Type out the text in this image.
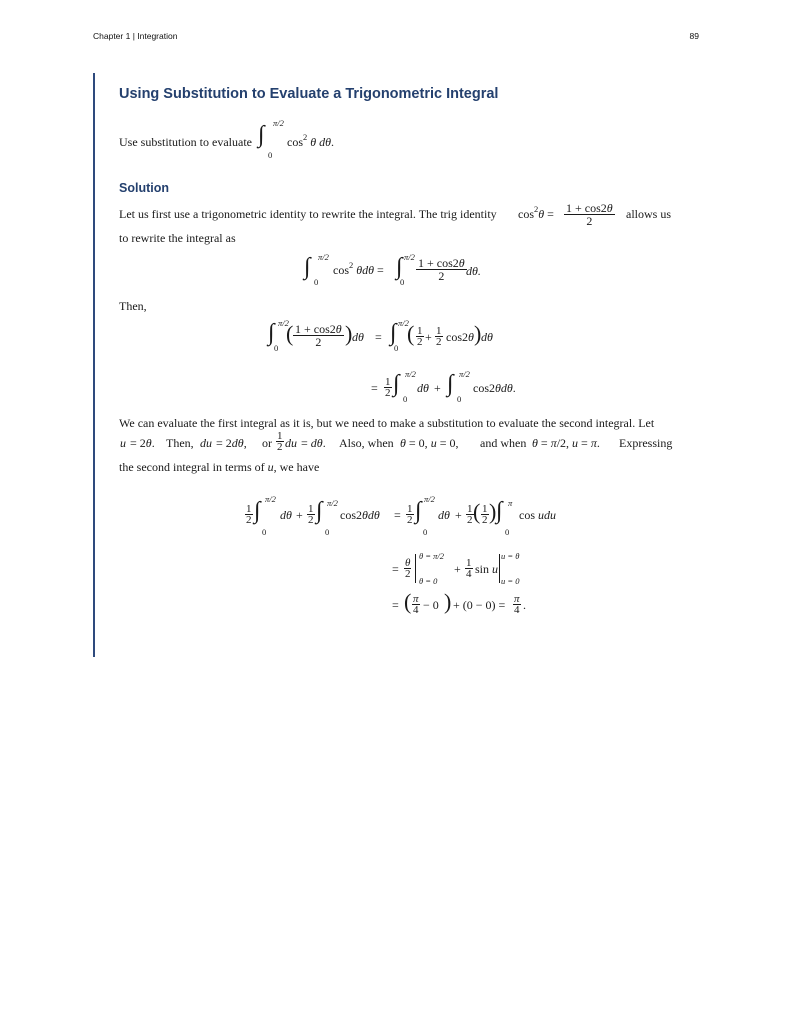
Chapter 1 | Integration	89
Using Substitution to Evaluate a Trigonometric Integral
Use substitution to evaluate ∫ π/2
0
$\cos^2 \theta$ dθ.
Solution
Let us first use a trigonometric identity to rewrite the integral. The trig identity $\cos^2\theta = \frac{1 + \cos 2\theta}{2}$ allows us
to rewrite the integral as
∫ π/2
0
$\cos^2 \theta d\theta$ = ∫ π/2
$0 \frac{1 + \cos 2\theta}{2} d\theta$.
Then,
∫ π/2
0
( $\frac{1 + \cos 2\theta}{2}$ ) dθ = ∫ π/2
0
( 1
2 + 1
2 cos2θ ) dθ
= 1
2 ∫ π/2
0
dθ + ∫ π/2
0
cos2θdθ.
We can evaluate the first integral as it is, but we need to make a substitution to evaluate the second integral. Let
u = 2θ. Then, du = 2dθ, or 1
2 du = dθ. Also, when θ = 0, u = 0, and when θ = π/2, u = π. Expressing
the second integral in terms of u, we have
1
2 ∫ π/2
0
dθ + 1
2 ∫ π/2
0
cos2θdθ = 1
2 ∫ π/2
0
dθ + 1
2 ( 1
2 ) ∫ π
0
cos udu
= θ
2
θ = π/2
θ = 0
+ 1
4 sin u
u = θ
u = 0
= ( π
4 − 0 ) + (0 − 0) = π
4 .
